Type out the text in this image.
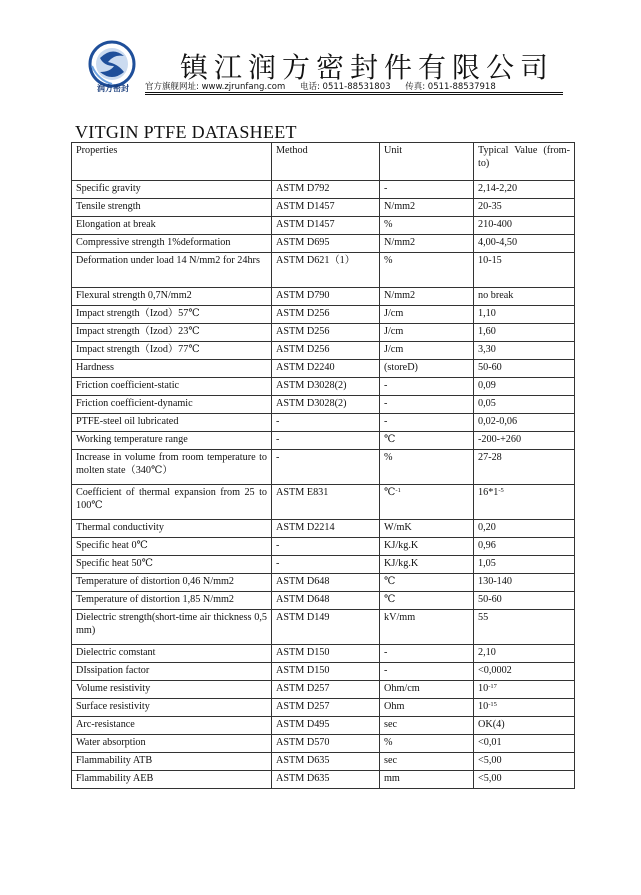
润方密封
镇江润方密封件有限公司
官方旗舰网址: www.zjrunfang.com 电话: 0511-88531803 传真: 0511-88537918
VITGIN PTFE DATASHEET
Properties	Method	Unit	Typical Value (from-to)
Specific gravity	ASTM D792	-	2,14-2,20
Tensile strength	ASTM D1457	N/mm2	20-35
Elongation at break	ASTM D1457	%	210-400
Compressive strength 1%deformation	ASTM D695	N/mm2	4,00-4,50
Deformation under load 14 N/mm2 for 24hrs	ASTM D621（1）	%	10-15
Flexural strength 0,7N/mm2	ASTM D790	N/mm2	no break
Impact strength（Izod）57℃	ASTM D256	J/cm	1,10
Impact strength（Izod）23℃	ASTM D256	J/cm	1,60
Impact strength（Izod）77℃	ASTM D256	J/cm	3,30
Hardness	ASTM D2240	(storeD)	50-60
Friction coefficient-static	ASTM D3028(2)	-	0,09
Friction coefficient-dynamic	ASTM D3028(2)	-	0,05
PTFE-steel oil lubricated	-	-	0,02-0,06
Working temperature range	-	℃	-200-+260
Increase in volume from room temperature to molten state（340℃）	-	%	27-28
Coefficient of thermal expansion from 25 to 100℃	ASTM E831	℃$^{-1}$	$16*1^{-5}$
Thermal conductivity	ASTM D2214	W/mK	0,20
Specific heat 0℃	-	KJ/kg.K	0,96
Specific heat 50℃	-	KJ/kg.K	1,05
Temperature of distortion 0,46 N/mm2	ASTM D648	℃	130-140
Temperature of distortion 1,85 N/mm2	ASTM D648	℃	50-60
Dielectric strength(short-time air thickness 0,5 mm)	ASTM D149	kV/mm	55
Dielectric comstant	ASTM D150	-	2,10
DIssipation factor	ASTM D150	-	<0,0002
Volume resistivity	ASTM D257	Ohm/cm	$10^{-17}$
Surface resistivity	ASTM D257	Ohm	$10^{-15}$
Arc-resistance	ASTM D495	sec	OK(4)
Water absorption	ASTM D570	%	<0,01
Flammability ATB	ASTM D635	sec	<5,00
Flammability AEB	ASTM D635	mm	<5,00
